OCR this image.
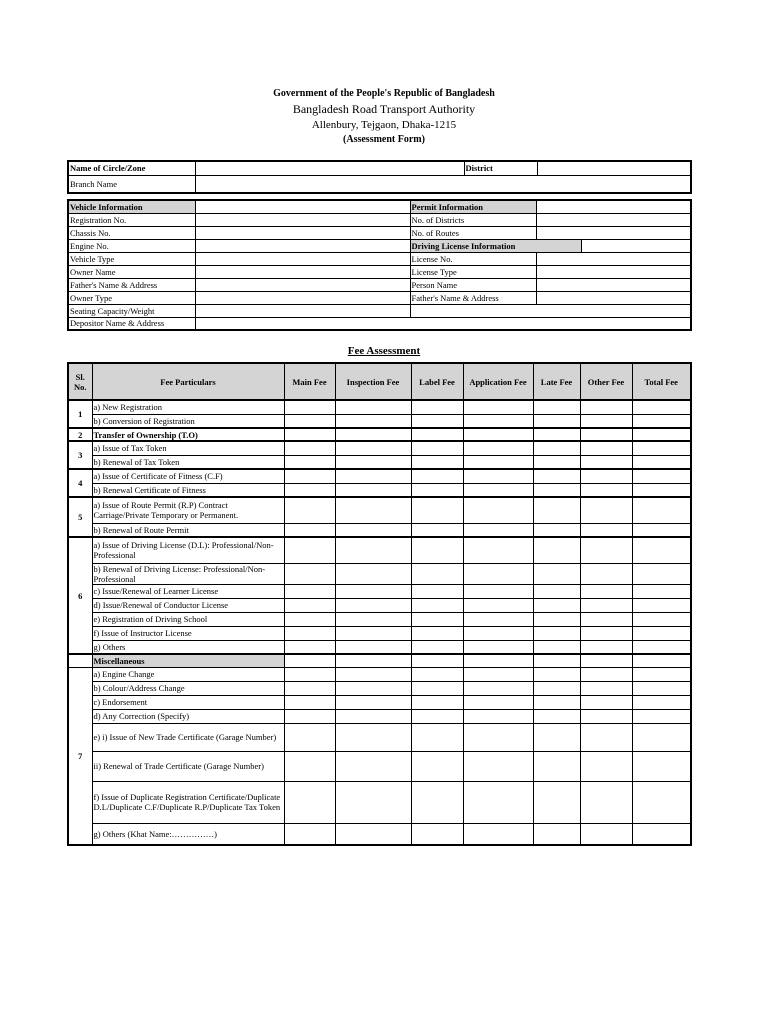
Government of the People's Republic of Bangladesh
Bangladesh Road Transport Authority
Allenbury, Tejgaon, Dhaka-1215
(Assessment Form)
Name of Circle/Zone		District	
Branch Name			
Vehicle Information		Permit Information		
Registration No.		No. of Districts		
Chassis No.		No. of Routes		
Engine No.		Driving License Information		
Vehicle Type		License No.		
Owner Name		License Type		
Father's Name & Address		Person Name		
Owner Type		Father's Name & Address		
Seating Capacity/Weight				
Depositor Name & Address				
Fee Assessment
Sl. No.	Fee Particulars	Main Fee	Inspection Fee	Label Fee	Application Fee	Late Fee	Other Fee	Total Fee
1	a) New Registration							
	b) Conversion of Registration							
2	Transfer of Ownership (T.O)							
3	a) Issue of Tax Token							
	b) Renewal of Tax Token							
4	a) Issue of Certificate of Fitness (C.F)							
	b) Renewal Certificate of Fitness							
5	a) Issue of Route Permit (R.P) Contract Carriage/Private Temporary or Permanent.							
	b) Renewal of Route Permit							
6	a) Issue of Driving License (D.L): Professional/Non-Professional							
	b) Renewal of Driving License: Professional/Non-Professional							
	c) Issue/Renewal of Learner License							
	d) Issue/Renewal of Conductor License							
	e) Registration of Driving School							
	f) Issue of Instructor License							
	g) Others							
	Miscellaneous							
7	a) Engine Change							
	b) Colour/Address Change							
	c) Endorsement							
	d) Any Correction (Specify)							
	e) i) Issue of New Trade Certificate (Garage Number)							
	ii) Renewal of Trade Certificate (Garage Number)							
	f) Issue of Duplicate Registration Certificate/Duplicate D.L/Duplicate C.F/Duplicate R.P/Duplicate Tax Token							
	g) Others (Khat Name:……………)							
